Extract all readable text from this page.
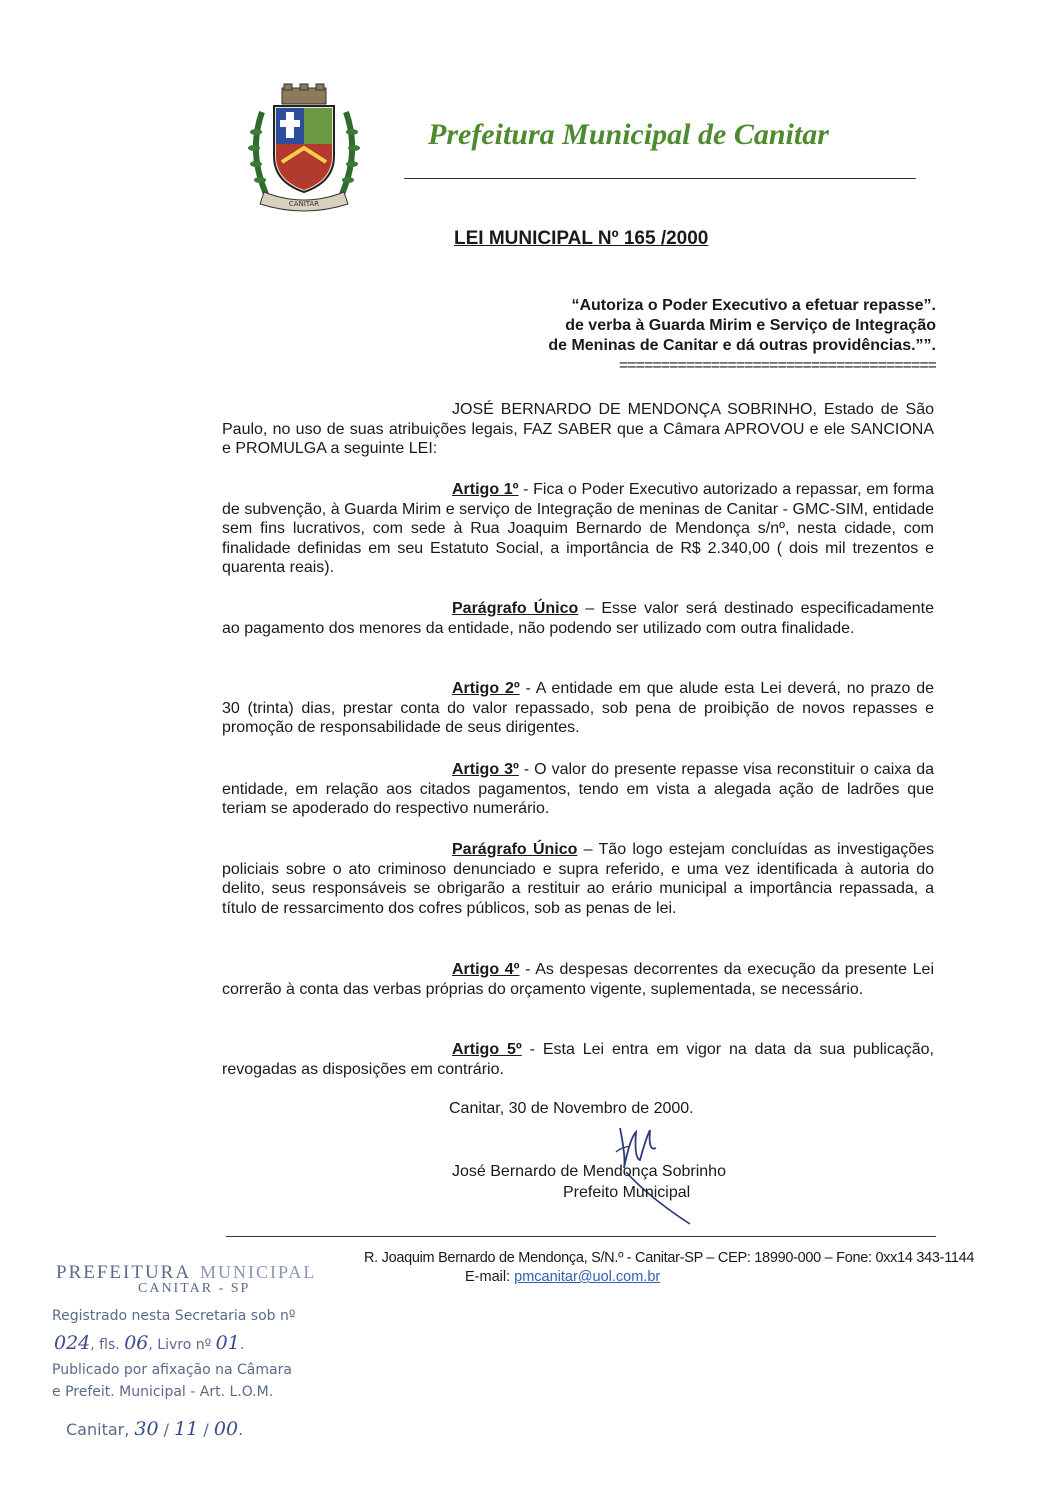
CANITAR
Prefeitura Municipal de Canitar
LEI MUNICIPAL Nº 165 /2000
“Autoriza o Poder Executivo a efetuar repasse”.
de verba à Guarda Mirim e Serviço de Integração
de Meninas de Canitar e dá outras providências.””.
======================================
JOSÉ BERNARDO DE MENDONÇA SOBRINHO, Estado de São Paulo, no uso de suas atribuições legais, FAZ SABER que a Câmara APROVOU e ele SANCIONA e PROMULGA a seguinte LEI:
Artigo 1º - Fica o Poder Executivo autorizado a repassar, em forma de subvenção, à Guarda Mirim e serviço de Integração de meninas de Canitar - GMC-SIM, entidade sem fins lucrativos, com sede à Rua Joaquim Bernardo de Mendonça s/nº, nesta cidade, com finalidade definidas em seu Estatuto Social, a importância de R$ 2.340,00 ( dois mil trezentos e quarenta reais).
Parágrafo Único – Esse valor será destinado especificadamente ao pagamento dos menores da entidade, não podendo ser utilizado com outra finalidade.
Artigo 2º - A entidade em que alude esta Lei deverá, no prazo de 30 (trinta) dias, prestar conta do valor repassado, sob pena de proibição de novos repasses e promoção de responsabilidade de seus dirigentes.
Artigo 3º - O valor do presente repasse visa reconstituir o caixa da entidade, em relação aos citados pagamentos, tendo em vista a alegada ação de ladrões que teriam se apoderado do respectivo numerário.
Parágrafo Único – Tão logo estejam concluídas as investigações policiais sobre o ato criminoso denunciado e supra referido, e uma vez identificada à autoria do delito, seus responsáveis se obrigarão a restituir ao erário municipal a importância repassada, a título de ressarcimento dos cofres públicos, sob as penas de lei.
Artigo 4º - As despesas decorrentes da execução da presente Lei correrão à conta das verbas próprias do orçamento vigente, suplementada, se necessário.
Artigo 5º - Esta Lei entra em vigor na data da sua publicação, revogadas as disposições em contrário.
Canitar, 30 de Novembro de 2000.
José Bernardo de Mendonça Sobrinho
Prefeito Municipal
R. Joaquim Bernardo de Mendonça, S/N.º - Canitar-SP – CEP: 18990-000 – Fone: 0xx14 343-1144
E-mail: pmcanitar@uol.com.br
PREFEITURA MUNICIPAL
CANITAR - SP
Registrado nesta Secretaria sob nº
024, fls. 06, Livro nº 01.
Publicado por afixação na Câmara
e Prefeit. Municipal - Art. L.O.M.
Canitar, 30 / 11 / 00.
